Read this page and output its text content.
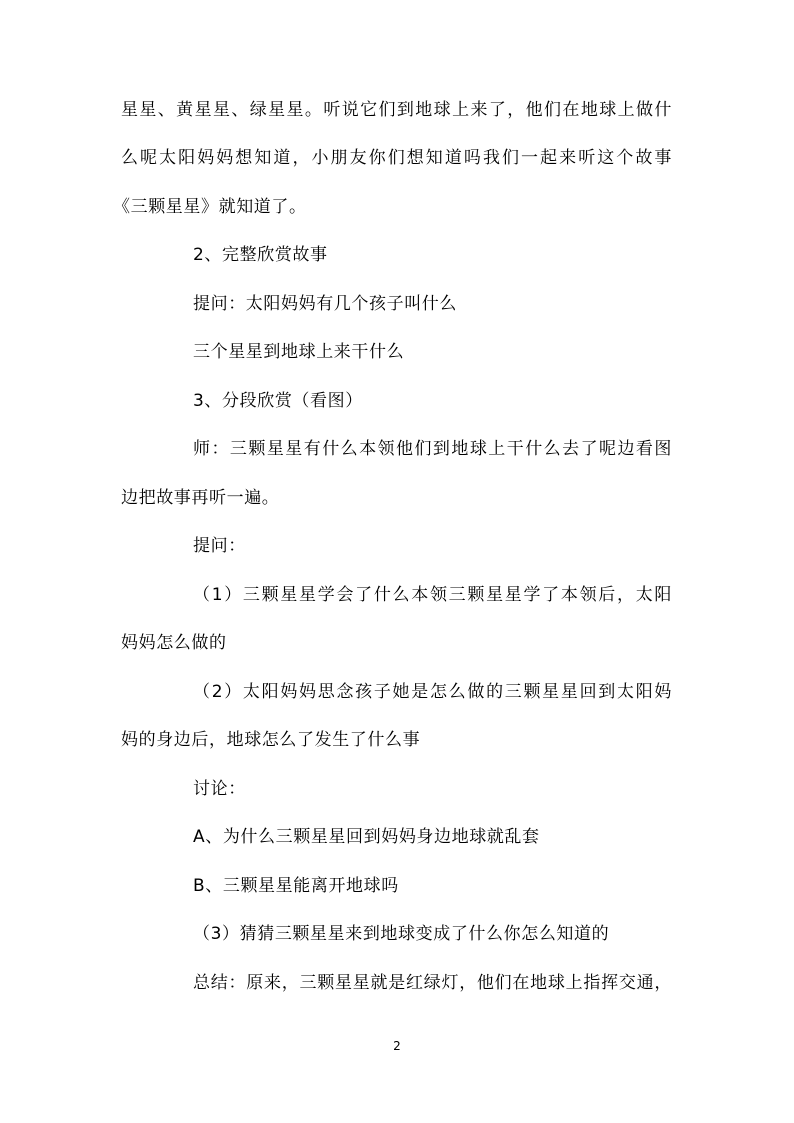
星星、黄星星、绿星星。听说它们到地球上来了，他们在地球上做什
么呢太阳妈妈想知道，小朋友你们想知道吗我们一起来听这个故事
《三颗星星》就知道了。
2、完整欣赏故事
提问：太阳妈妈有几个孩子叫什么
三个星星到地球上来干什么
3、分段欣赏（看图）
师：三颗星星有什么本领他们到地球上干什么去了呢边看图
边把故事再听一遍。
提问：
（1）三颗星星学会了什么本领三颗星星学了本领后，太阳
妈妈怎么做的
（2）太阳妈妈思念孩子她是怎么做的三颗星星回到太阳妈
妈的身边后，地球怎么了发生了什么事
讨论：
A、为什么三颗星星回到妈妈身边地球就乱套
B、三颗星星能离开地球吗
（3）猜猜三颗星星来到地球变成了什么你怎么知道的
总结：原来，三颗星星就是红绿灯，他们在地球上指挥交通，
2
